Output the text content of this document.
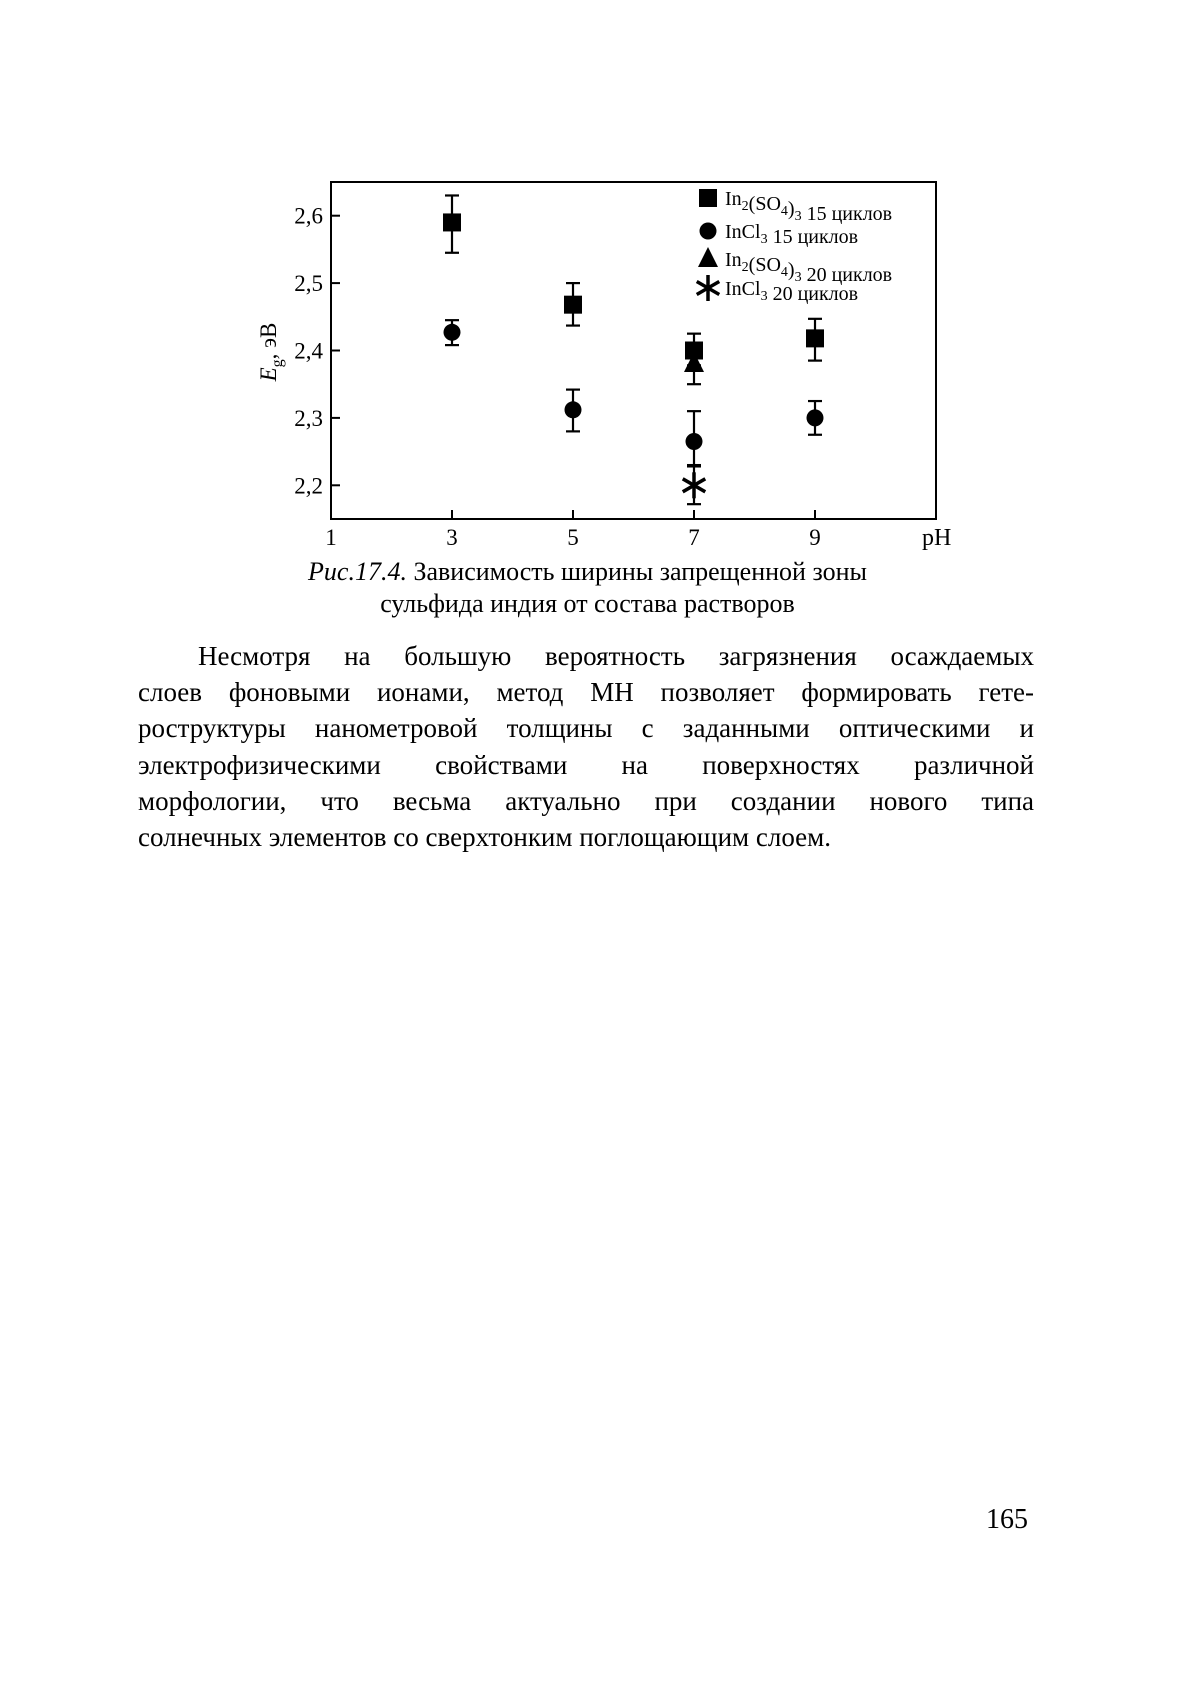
2,2
2,3
2,4
2,5
2,6
1	3	5	7	9
$In_2(SO_4)_3$ 15 циклов
InCl$_3$ 15 циклов
$In_2(SO_4)_3$ 20 циклов
InCl$_3$ 20 циклов
$E_g$, эВ
pH
Рис.17.4. Зависимость ширины запрещенной зоны
сульфида индия от состава растворов
Несмотря на большую вероятность загрязнения осаждаемых
слоев фоновыми ионами, метод МН позволяет формировать гете-
роструктуры нанометровой толщины с заданными оптическими и
электрофизическими свойствами на поверхностях различной
морфологии, что весьма актуально при создании нового типа
солнечных элементов со сверхтонким поглощающим слоем.
165
